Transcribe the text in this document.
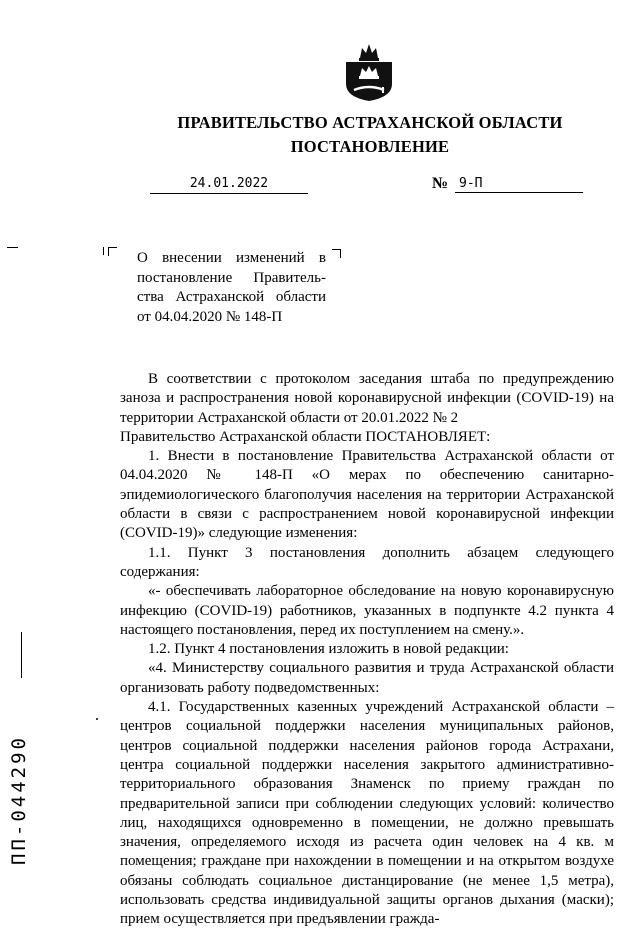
ПРАВИТЕЛЬСТВО АСТРАХАНСКОЙ ОБЛАСТИ
ПОСТАНОВЛЕНИЕ
24.01.2022	№ 9-П
О внесении изменений в
постановление Правитель-
ства Астраханской области
от 04.04.2020 № 148-П

В соответствии с протоколом заседания штаба по предупреждению заноза и распространения новой коронавирусной инфекции (COVID-19) на территории Астраханской области от 20.01.2022 № 2

Правительство Астраханской области ПОСТАНОВЛЯЕТ:

1. Внести в постановление Правительства Астраханской области от 04.04.2020 № 148-П «О мерах по обеспечению санитарно-эпидемиологического благополучия населения на территории Астраханской области в связи с распространением новой коронавирусной инфекции (COVID-19)» следующие изменения:

1.1. Пункт 3 постановления дополнить абзацем следующего содержания:

«- обеспечивать лабораторное обследование на новую коронавирусную инфекцию (COVID-19) работников, указанных в подпункте 4.2 пункта 4 настоящего постановления, перед их поступлением на смену.».

1.2. Пункт 4 постановления изложить в новой редакции:

«4. Министерству социального развития и труда Астраханской области организовать работу подведомственных:

4.1. Государственных казенных учреждений Астраханской области – центров социальной поддержки населения муниципальных районов, центров социальной поддержки населения районов города Астрахани, центра социальной поддержки населения закрытого административно-территориального образования Знаменск по приему граждан по предварительной записи при соблюдении следующих условий: количество лиц, находящихся одновременно в помещении, не должно превышать значения, определяемого исходя из расчета один человек на 4 кв. м помещения; граждане при нахождении в помещении и на открытом воздухе обязаны соблюдать социальное дистанцирование (не менее 1,5 метра), использовать средства индивидуальной защиты органов дыхания (маски); прием осуществляется при предъявлении гражда-

ПП-044290
